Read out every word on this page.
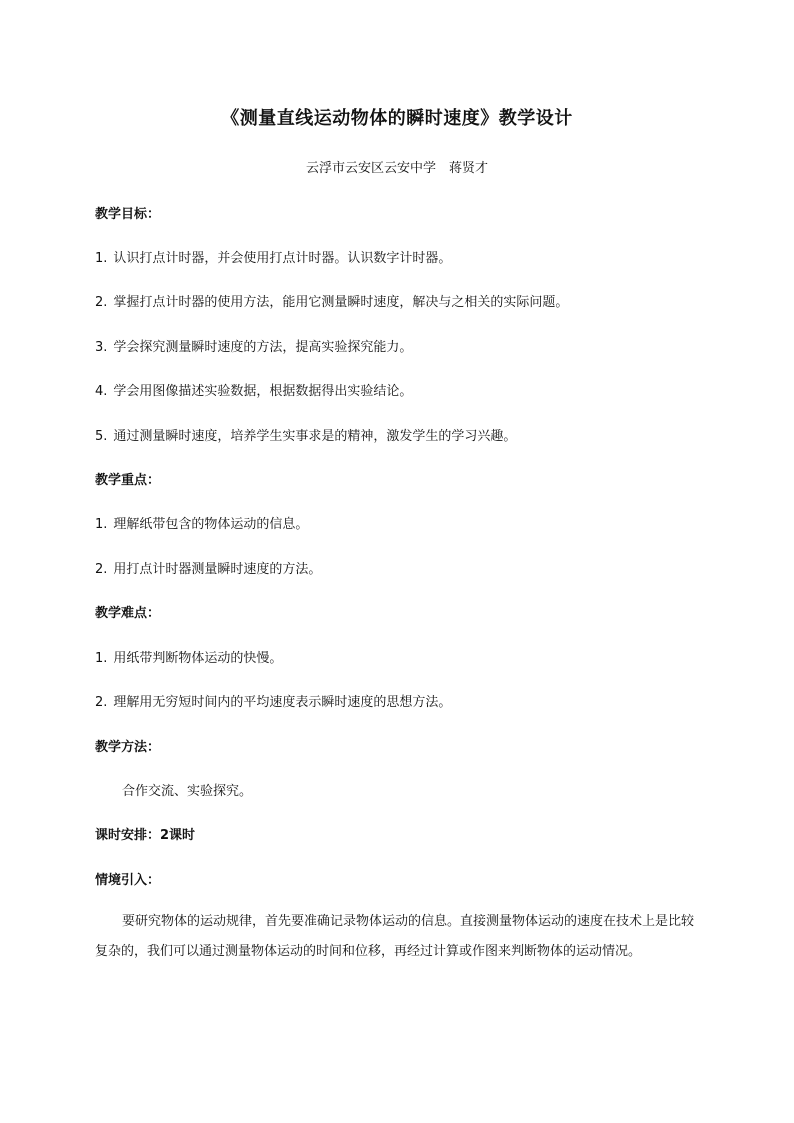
《测量直线运动物体的瞬时速度》教学设计
云浮市云安区云安中学　蒋贤才
教学目标：
1. 认识打点计时器，并会使用打点计时器。认识数字计时器。
2. 掌握打点计时器的使用方法，能用它测量瞬时速度，解决与之相关的实际问题。
3. 学会探究测量瞬时速度的方法，提高实验探究能力。
4. 学会用图像描述实验数据，根据数据得出实验结论。
5. 通过测量瞬时速度，培养学生实事求是的精神，激发学生的学习兴趣。
教学重点：
1. 理解纸带包含的物体运动的信息。
2. 用打点计时器测量瞬时速度的方法。
教学难点：
1. 用纸带判断物体运动的快慢。
2. 理解用无穷短时间内的平均速度表示瞬时速度的思想方法。
教学方法：
合作交流、实验探究。
课时安排：2课时
情境引入：
要研究物体的运动规律，首先要准确记录物体运动的信息。直接测量物体运动的速度在技术上是比较复杂的，我们可以通过测量物体运动的时间和位移，再经过计算或作图来判断物体的运动情况。
